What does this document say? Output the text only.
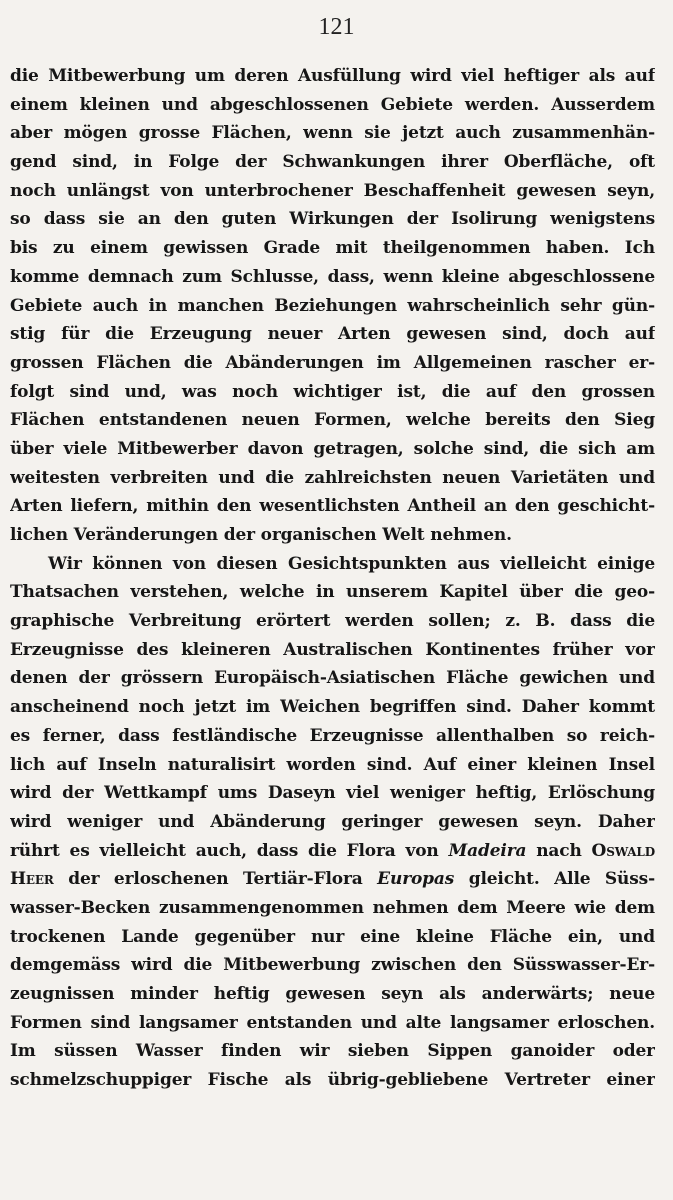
121
die Mitbewerbung um deren Ausfüllung wird viel heftiger als auf
einem kleinen und abgeschlossenen Gebiete werden. Ausserdem
aber mögen grosse Flächen, wenn sie jetzt auch zusammenhän-
gend sind, in Folge der Schwankungen ihrer Oberfläche, oft
noch unlängst von unterbrochener Beschaffenheit gewesen seyn,
so dass sie an den guten Wirkungen der Isolirung wenigstens
bis zu einem gewissen Grade mit theilgenommen haben. Ich
komme demnach zum Schlusse, dass, wenn kleine abgeschlossene
Gebiete auch in manchen Beziehungen wahrscheinlich sehr gün-
stig für die Erzeugung neuer Arten gewesen sind, doch auf
grossen Flächen die Abänderungen im Allgemeinen rascher er-
folgt sind und, was noch wichtiger ist, die auf den grossen
Flächen entstandenen neuen Formen, welche bereits den Sieg
über viele Mitbewerber davon getragen, solche sind, die sich am
weitesten verbreiten und die zahlreichsten neuen Varietäten und
Arten liefern, mithin den wesentlichsten Antheil an den geschicht-
lichen Veränderungen der organischen Welt nehmen.
Wir können von diesen Gesichtspunkten aus vielleicht einige
Thatsachen verstehen, welche in unserem Kapitel über die geo-
graphische Verbreitung erörtert werden sollen; z. B. dass die
Erzeugnisse des kleineren Australischen Kontinentes früher vor
denen der grössern Europäisch-Asiatischen Fläche gewichen und
anscheinend noch jetzt im Weichen begriffen sind. Daher kommt
es ferner, dass festländische Erzeugnisse allenthalben so reich-
lich auf Inseln naturalisirt worden sind. Auf einer kleinen Insel
wird der Wettkampf ums Daseyn viel weniger heftig, Erlöschung
wird weniger und Abänderung geringer gewesen seyn. Daher
rührt es vielleicht auch, dass die Flora von Madeira nach Oswald
Heer der erloschenen Tertiär-Flora Europas gleicht. Alle Süss-
wasser-Becken zusammengenommen nehmen dem Meere wie dem
trockenen Lande gegenüber nur eine kleine Fläche ein, und
demgemäss wird die Mitbewerbung zwischen den Süsswasser-Er-
zeugnissen minder heftig gewesen seyn als anderwärts; neue
Formen sind langsamer entstanden und alte langsamer erloschen.
Im süssen Wasser finden wir sieben Sippen ganoider oder
schmelzschuppiger Fische als übrig-gebliebene Vertreter einer
